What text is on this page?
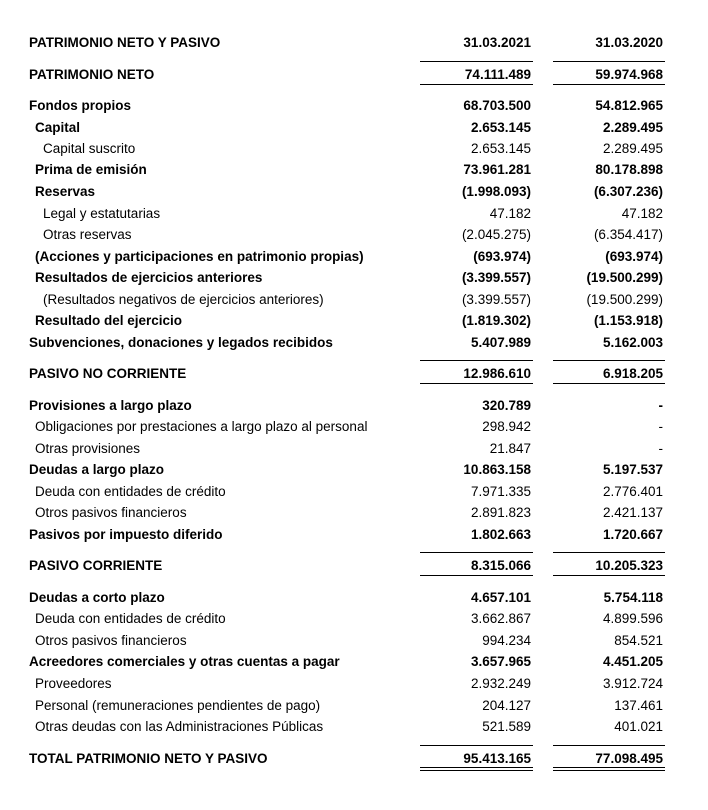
PATRIMONIO NETO Y PASIVO	31.03.2021	31.03.2020
PATRIMONIO NETO	74.111.489	59.974.968
Fondos propios	68.703.500	54.812.965
Capital	2.653.145	2.289.495
Capital suscrito	2.653.145	2.289.495
Prima de emisión	73.961.281	80.178.898
Reservas	(1.998.093)	(6.307.236)
Legal y estatutarias	47.182	47.182
Otras reservas	(2.045.275)	(6.354.417)
(Acciones y participaciones en patrimonio propias)	(693.974)	(693.974)
Resultados de ejercicios anteriores	(3.399.557)	(19.500.299)
(Resultados negativos de ejercicios anteriores)	(3.399.557)	(19.500.299)
Resultado del ejercicio	(1.819.302)	(1.153.918)
Subvenciones, donaciones y legados recibidos	5.407.989	5.162.003
PASIVO NO CORRIENTE	12.986.610	6.918.205
Provisiones a largo plazo	320.789	-
Obligaciones por prestaciones a largo plazo al personal	298.942	-
Otras provisiones	21.847	-
Deudas a largo plazo	10.863.158	5.197.537
Deuda con entidades de crédito	7.971.335	2.776.401
Otros pasivos financieros	2.891.823	2.421.137
Pasivos por impuesto diferido	1.802.663	1.720.667
PASIVO CORRIENTE	8.315.066	10.205.323
Deudas a corto plazo	4.657.101	5.754.118
Deuda con entidades de crédito	3.662.867	4.899.596
Otros pasivos financieros	994.234	854.521
Acreedores comerciales y otras cuentas a pagar	3.657.965	4.451.205
Proveedores	2.932.249	3.912.724
Personal (remuneraciones pendientes de pago)	204.127	137.461
Otras deudas con las Administraciones Públicas	521.589	401.021
TOTAL PATRIMONIO NETO Y PASIVO	95.413.165	77.098.495
